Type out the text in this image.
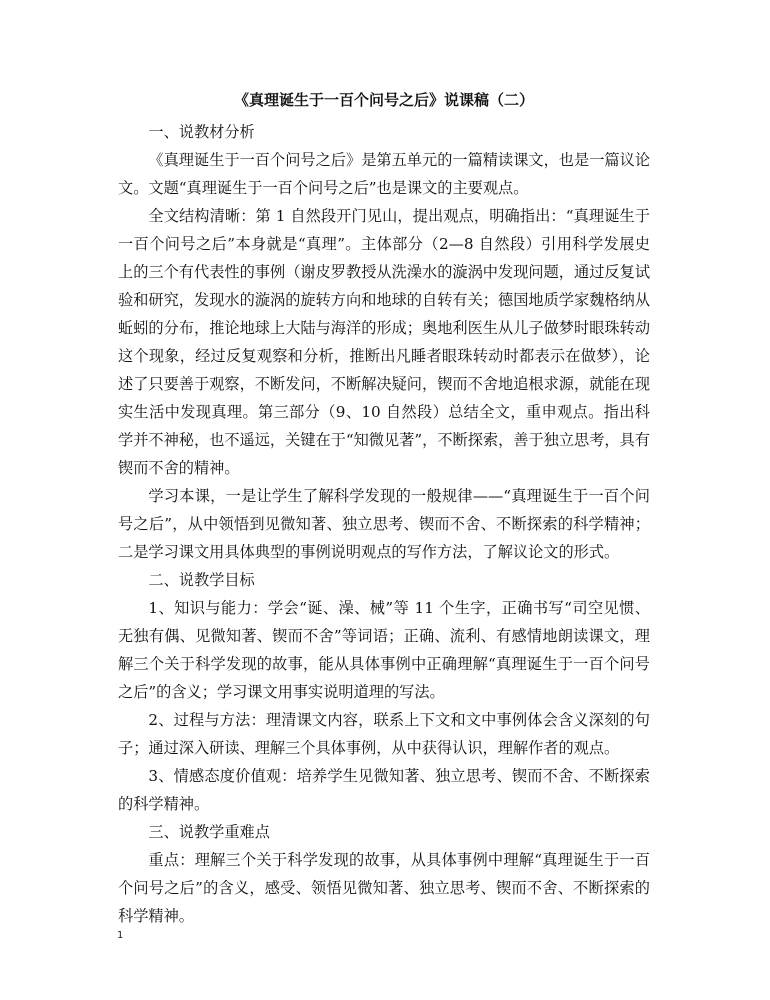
《真理诞生于一百个问号之后》说课稿（二）

一、说教材分析

《真理诞生于一百个问号之后》是第五单元的一篇精读课文，也是一篇议论文。文题“真理诞生于一百个问号之后”也是课文的主要观点。

全文结构清晰：第 1 自然段开门见山，提出观点，明确指出：“真理诞生于一百个问号之后”本身就是“真理”。主体部分（2—8 自然段）引用科学发展史上的三个有代表性的事例（谢皮罗教授从洗澡水的漩涡中发现问题，通过反复试验和研究，发现水的漩涡的旋转方向和地球的自转有关；德国地质学家魏格纳从蚯蚓的分布，推论地球上大陆与海洋的形成；奥地利医生从儿子做梦时眼珠转动这个现象，经过反复观察和分析，推断出凡睡者眼珠转动时都表示在做梦），论述了只要善于观察，不断发问，不断解决疑问，锲而不舍地追根求源，就能在现实生活中发现真理。第三部分（9、10 自然段）总结全文，重申观点。指出科学并不神秘，也不遥远，关键在于“知微见著”，不断探索，善于独立思考，具有锲而不舍的精神。

学习本课，一是让学生了解科学发现的一般规律——“真理诞生于一百个问号之后”，从中领悟到见微知著、独立思考、锲而不舍、不断探索的科学精神；二是学习课文用具体典型的事例说明观点的写作方法，了解议论文的形式。

二、说教学目标

1、知识与能力：学会“诞、澡、械”等 11 个生字，正确书写“司空见惯、无独有偶、见微知著、锲而不舍”等词语；正确、流利、有感情地朗读课文，理解三个关于科学发现的故事，能从具体事例中正确理解“真理诞生于一百个问号之后”的含义；学习课文用事实说明道理的写法。

2、过程与方法：理清课文内容，联系上下文和文中事例体会含义深刻的句子；通过深入研读、理解三个具体事例，从中获得认识，理解作者的观点。

3、情感态度价值观：培养学生见微知著、独立思考、锲而不舍、不断探索的科学精神。

三、说教学重难点

重点：理解三个关于科学发现的故事，从具体事例中理解“真理诞生于一百个问号之后”的含义，感受、领悟见微知著、独立思考、锲而不舍、不断探索的科学精神。

1
